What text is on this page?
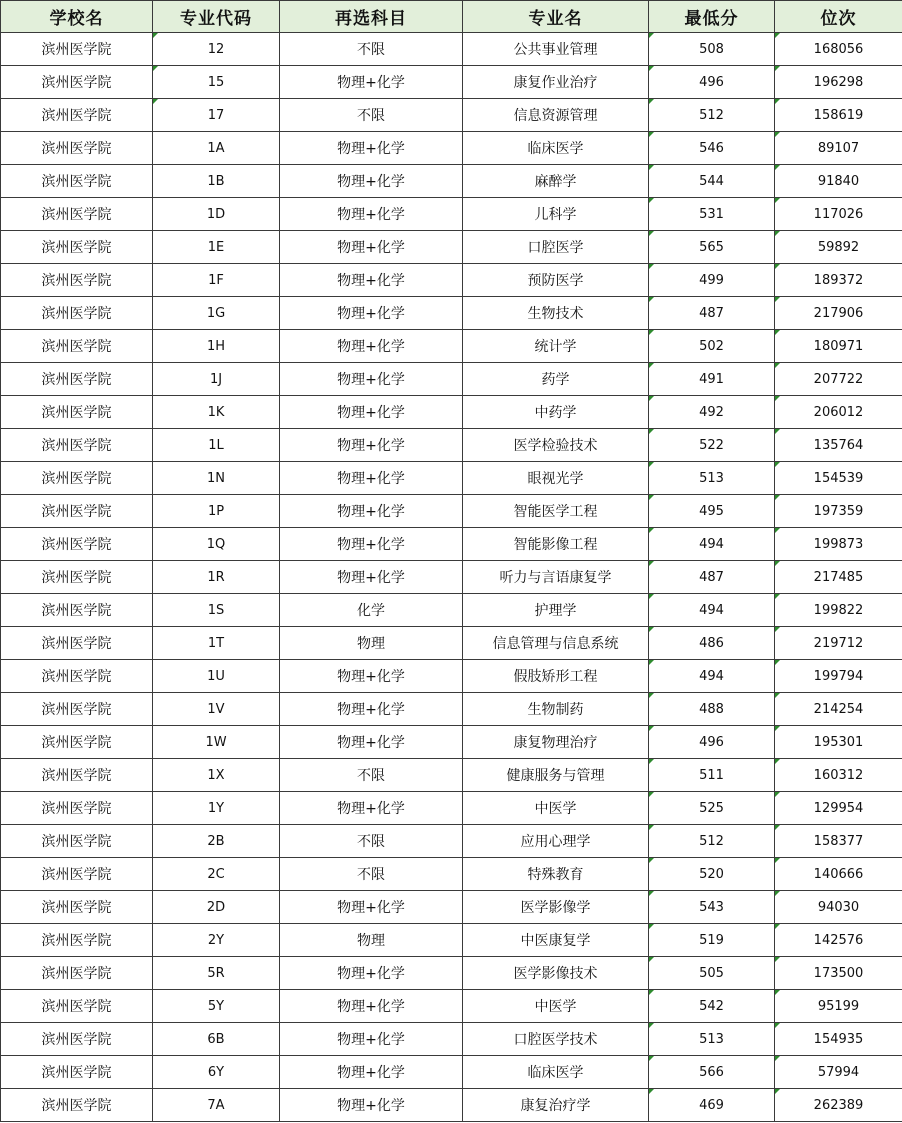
学校名	专业代码	再选科目	专业名	最低分	位次
滨州医学院	12	不限	公共事业管理	508	168056
滨州医学院	15	物理+化学	康复作业治疗	496	196298
滨州医学院	17	不限	信息资源管理	512	158619
滨州医学院	1A	物理+化学	临床医学	546	89107
滨州医学院	1B	物理+化学	麻醉学	544	91840
滨州医学院	1D	物理+化学	儿科学	531	117026
滨州医学院	1E	物理+化学	口腔医学	565	59892
滨州医学院	1F	物理+化学	预防医学	499	189372
滨州医学院	1G	物理+化学	生物技术	487	217906
滨州医学院	1H	物理+化学	统计学	502	180971
滨州医学院	1J	物理+化学	药学	491	207722
滨州医学院	1K	物理+化学	中药学	492	206012
滨州医学院	1L	物理+化学	医学检验技术	522	135764
滨州医学院	1N	物理+化学	眼视光学	513	154539
滨州医学院	1P	物理+化学	智能医学工程	495	197359
滨州医学院	1Q	物理+化学	智能影像工程	494	199873
滨州医学院	1R	物理+化学	听力与言语康复学	487	217485
滨州医学院	1S	化学	护理学	494	199822
滨州医学院	1T	物理	信息管理与信息系统	486	219712
滨州医学院	1U	物理+化学	假肢矫形工程	494	199794
滨州医学院	1V	物理+化学	生物制药	488	214254
滨州医学院	1W	物理+化学	康复物理治疗	496	195301
滨州医学院	1X	不限	健康服务与管理	511	160312
滨州医学院	1Y	物理+化学	中医学	525	129954
滨州医学院	2B	不限	应用心理学	512	158377
滨州医学院	2C	不限	特殊教育	520	140666
滨州医学院	2D	物理+化学	医学影像学	543	94030
滨州医学院	2Y	物理	中医康复学	519	142576
滨州医学院	5R	物理+化学	医学影像技术	505	173500
滨州医学院	5Y	物理+化学	中医学	542	95199
滨州医学院	6B	物理+化学	口腔医学技术	513	154935
滨州医学院	6Y	物理+化学	临床医学	566	57994
滨州医学院	7A	物理+化学	康复治疗学	469	262389
